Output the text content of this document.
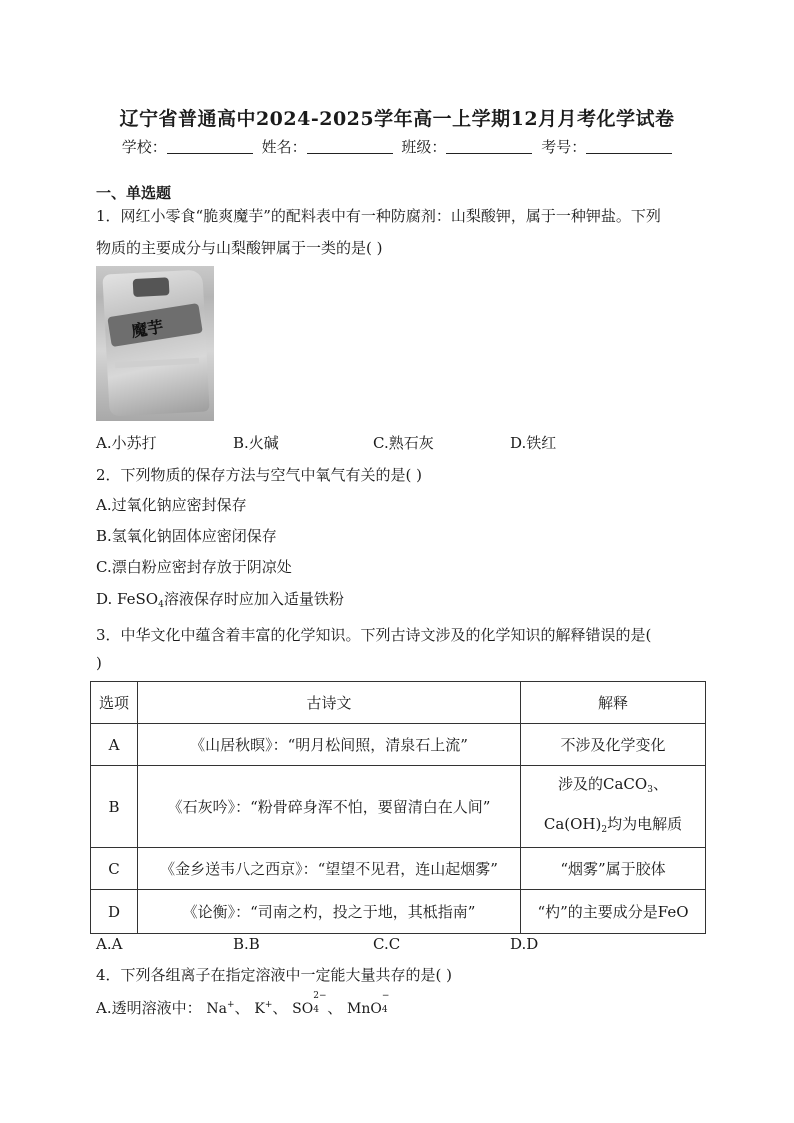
辽宁省普通高中2024-2025学年高一上学期12月月考化学试卷
学校：	姓名：	班级：	考号：
一、单选题
1．网红小零食“脆爽魔芋”的配料表中有一种防腐剂：山梨酸钾，属于一种钾盐。下列
物质的主要成分与山梨酸钾属于一类的是( )
魔芋
A.小苏打	B.火碱	C.熟石灰	D.铁红
2．下列物质的保存方法与空气中氧气有关的是( )
A.过氧化钠应密封保存
B.氢氧化钠固体应密闭保存
C.漂白粉应密封存放于阴凉处
D. FeSO$_4$溶液保存时应加入适量铁粉
3．中华文化中蕴含着丰富的化学知识。下列古诗文涉及的化学知识的解释错误的是(
)
选项	古诗文	解释
A	《山居秋暝》：“明月松间照，清泉石上流”	不涉及化学变化
B	《石灰吟》：“粉骨碎身浑不怕，要留清白在人间”	涉及的CaCO$_3$、
$Ca(OH)_2$均为电解质

C	《金乡送韦八之西京》：“望望不见君，连山起烟雾”	“烟雾”属于胶体
D	《论衡》：“司南之杓，投之于地，其柢指南”	“杓”的主要成分是FeO
A.A	B.B	C.C	D.D
4．下列各组离子在指定溶液中一定能大量共存的是( )
A.透明溶液中： Na+、 K+、 SO
2−
4 、 MnO
−
4
